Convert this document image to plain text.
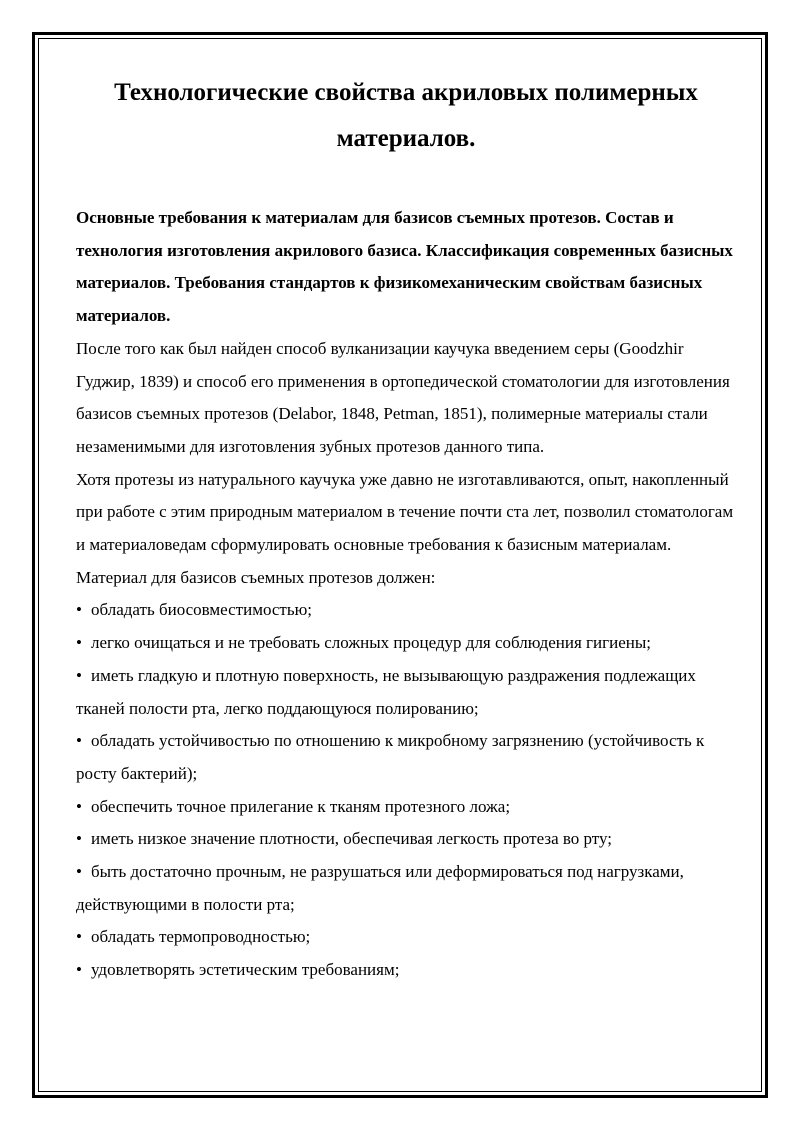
Технологические свойства акриловых полимерных материалов.

Основные требования к материалам для базисов съемных протезов. Состав и технология изготовления акрилового базиса. Классификация современных базисных материалов. Требования стандартов к физикомеханическим свойствам базисных материалов.

После того как был найден способ вулканизации каучука введением серы (Goodzhir Гуджир, 1839) и способ его применения в ортопедической стоматологии для изготовления базисов съемных протезов (Delabor, 1848, Petman, 1851), полимерные материалы стали незаменимыми для изготовления зубных протезов данного типа.

Хотя протезы из натурального каучука уже давно не изготавливаются, опыт, накопленный при работе с этим природным материалом в течение почти ста лет, позволил стоматологам и материаловедам сформулировать основные требования к базисным материалам. Материал для базисов съемных протезов должен:

• обладать биосовместимостью;
• легко очищаться и не требовать сложных процедур для соблюдения гигиены;
• иметь гладкую и плотную поверхность, не вызывающую раздражения подлежащих тканей полости рта, легко поддающуюся полированию;
• обладать устойчивостью по отношению к микробному загрязнению (устойчивость к росту бактерий);
• обеспечить точное прилегание к тканям протезного ложа;
• иметь низкое значение плотности, обеспечивая легкость протеза во рту;
• быть достаточно прочным, не разрушаться или деформироваться под нагрузками, действующими в полости рта;
• обладать термопроводностью;
• удовлетворять эстетическим требованиям;
